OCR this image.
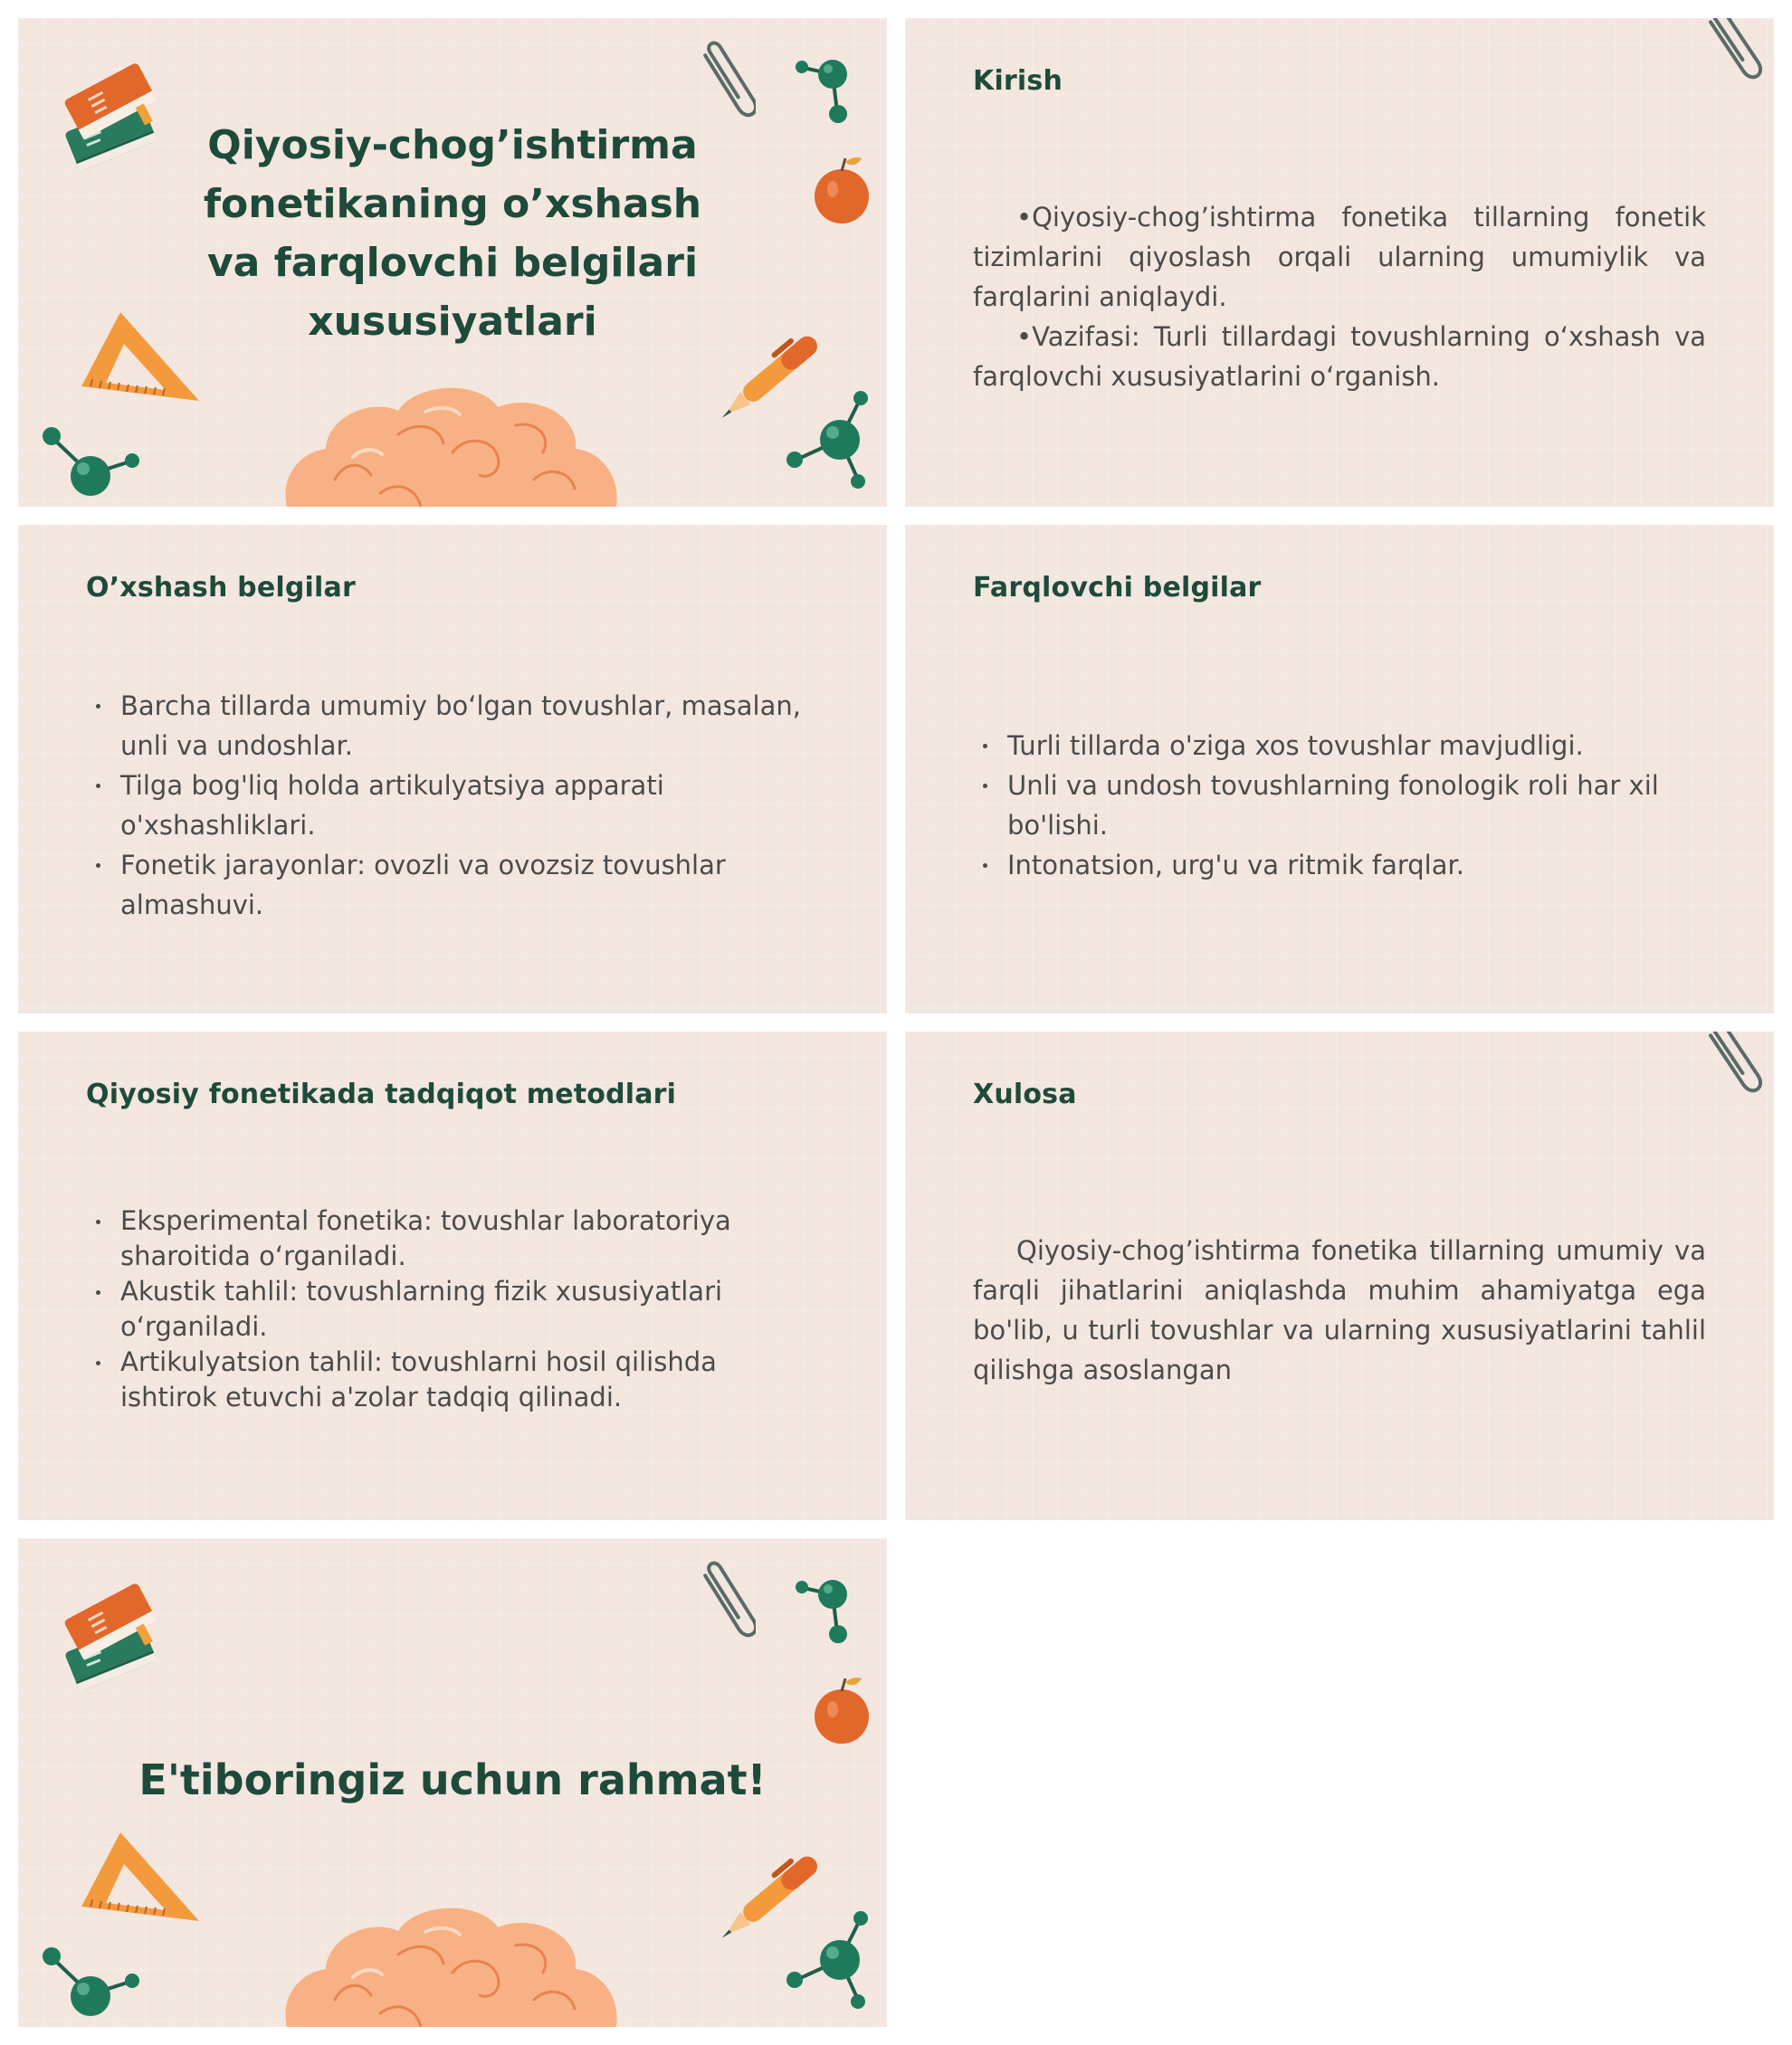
Qiyosiy-chog’ishtirma fonetikaning o’xshash va farqlovchi belgilari xususiyatlari
Kirish

•Qiyosiy-chog’ishtirma fonetika tillarning fonetik tizimlarini qiyoslash orqali ularning umumiylik va farqlarini aniqlaydi.

•Vazifasi: Turli tillardagi tovushlarning o‘xshash va farqlovchi xususiyatlarini o‘rganish.

O’xshash belgilar
Barcha tillarda umumiy bo‘lgan tovushlar, masalan, unli va undoshlar.
Tilga bog'liq holda artikulyatsiya apparati o'xshashliklari.
Fonetik jarayonlar: ovozli va ovozsiz tovushlar almashuvi.
Farqlovchi belgilar
Turli tillarda o'ziga xos tovushlar mavjudligi.
Unli va undosh tovushlarning fonologik roli har xil bo'lishi.
Intonatsion, urg'u va ritmik farqlar.
Qiyosiy fonetikada tadqiqot metodlari
Eksperimental fonetika: tovushlar laboratoriya sharoitida o‘rganiladi.
Akustik tahlil: tovushlarning fizik xususiyatlari o‘rganiladi.
Artikulyatsion tahlil: tovushlarni hosil qilishda ishtirok etuvchi a'zolar tadqiq qilinadi.
Xulosa

Qiyosiy-chog’ishtirma fonetika tillarning umumiy va farqli jihatlarini aniqlashda muhim ahamiyatga ega bo'lib, u turli tovushlar va ularning xususiyatlarini tahlil qilishga asoslangan

E'tiboringiz uchun rahmat!
